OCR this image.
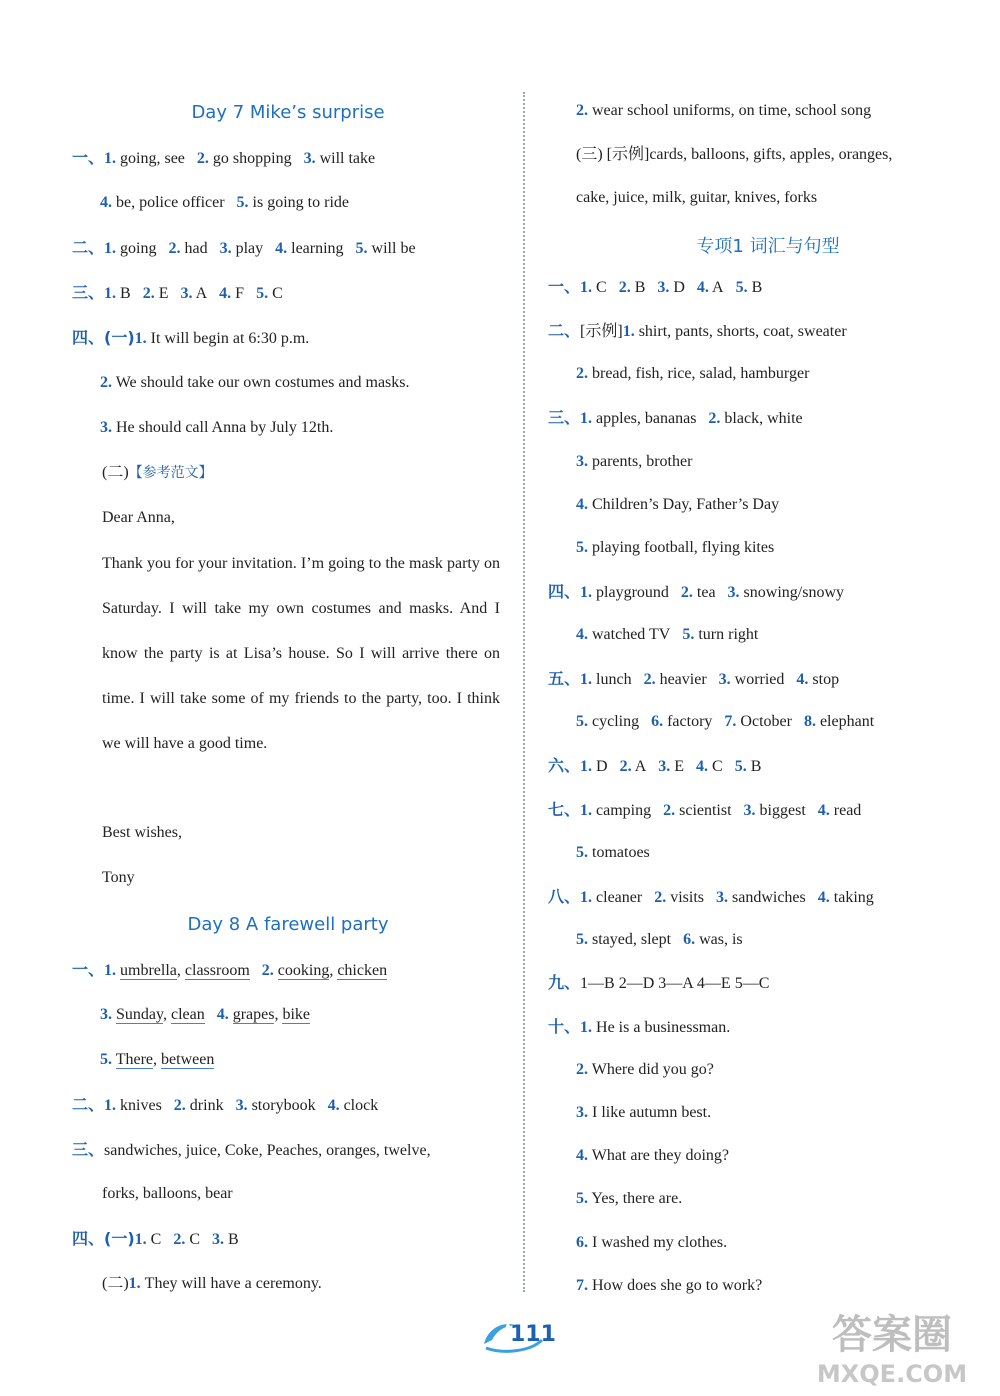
Day 7 Mike’s surprise
一、1. going, see 2. go shopping 3. will take
4. be, police officer 5. is going to ride
二、1. going 2. had 3. play 4. learning 5. will be
三、1. B 2. E 3. A 4. F 5. C
四、(一)1. It will begin at 6:30 p.m.
2. We should take our own costumes and masks.
3. He should call Anna by July 12th.
(二)【参考范文】
Dear Anna,
Thank you for your invitation. I’m going to the mask party on Saturday. I will take my own costumes and masks. And I know the party is at Lisa’s house. So I will arrive there on time. I will take some of my friends to the party, too. I think we will have a good time.
Best wishes,
Tony
Day 8 A farewell party
一、1. umbrella, classroom 2. cooking, chicken
3. Sunday, clean 4. grapes, bike
5. There, between
二、1. knives 2. drink 3. storybook 4. clock
三、sandwiches, juice, Coke, Peaches, oranges, twelve,
forks, balloons, bear
四、(一)1. C 2. C 3. B
(二)1. They will have a ceremony.
2. wear school uniforms, on time, school song
(三) [示例]cards, balloons, gifts, apples, oranges,
cake, juice, milk, guitar, knives, forks
专项1 词汇与句型
一、1. C 2. B 3. D 4. A 5. B
二、[示例]1. shirt, pants, shorts, coat, sweater
2. bread, fish, rice, salad, hamburger
三、1. apples, bananas 2. black, white
3. parents, brother
4. Children’s Day, Father’s Day
5. playing football, flying kites
四、1. playground 2. tea 3. snowing/snowy
4. watched TV 5. turn right
五、1. lunch 2. heavier 3. worried 4. stop
5. cycling 6. factory 7. October 8. elephant
六、1. D 2. A 3. E 4. C 5. B
七、1. camping 2. scientist 3. biggest 4. read
5. tomatoes
八、1. cleaner 2. visits 3. sandwiches 4. taking
5. stayed, slept 6. was, is
九、1—B 2—D 3—A 4—E 5—C
十、1. He is a businessman.
2. Where did you go?
3. I like autumn best.
4. What are they doing?
5. Yes, there are.
6. I washed my clothes.
7. How does she go to work?
111	答案圈
MXQE.COM
